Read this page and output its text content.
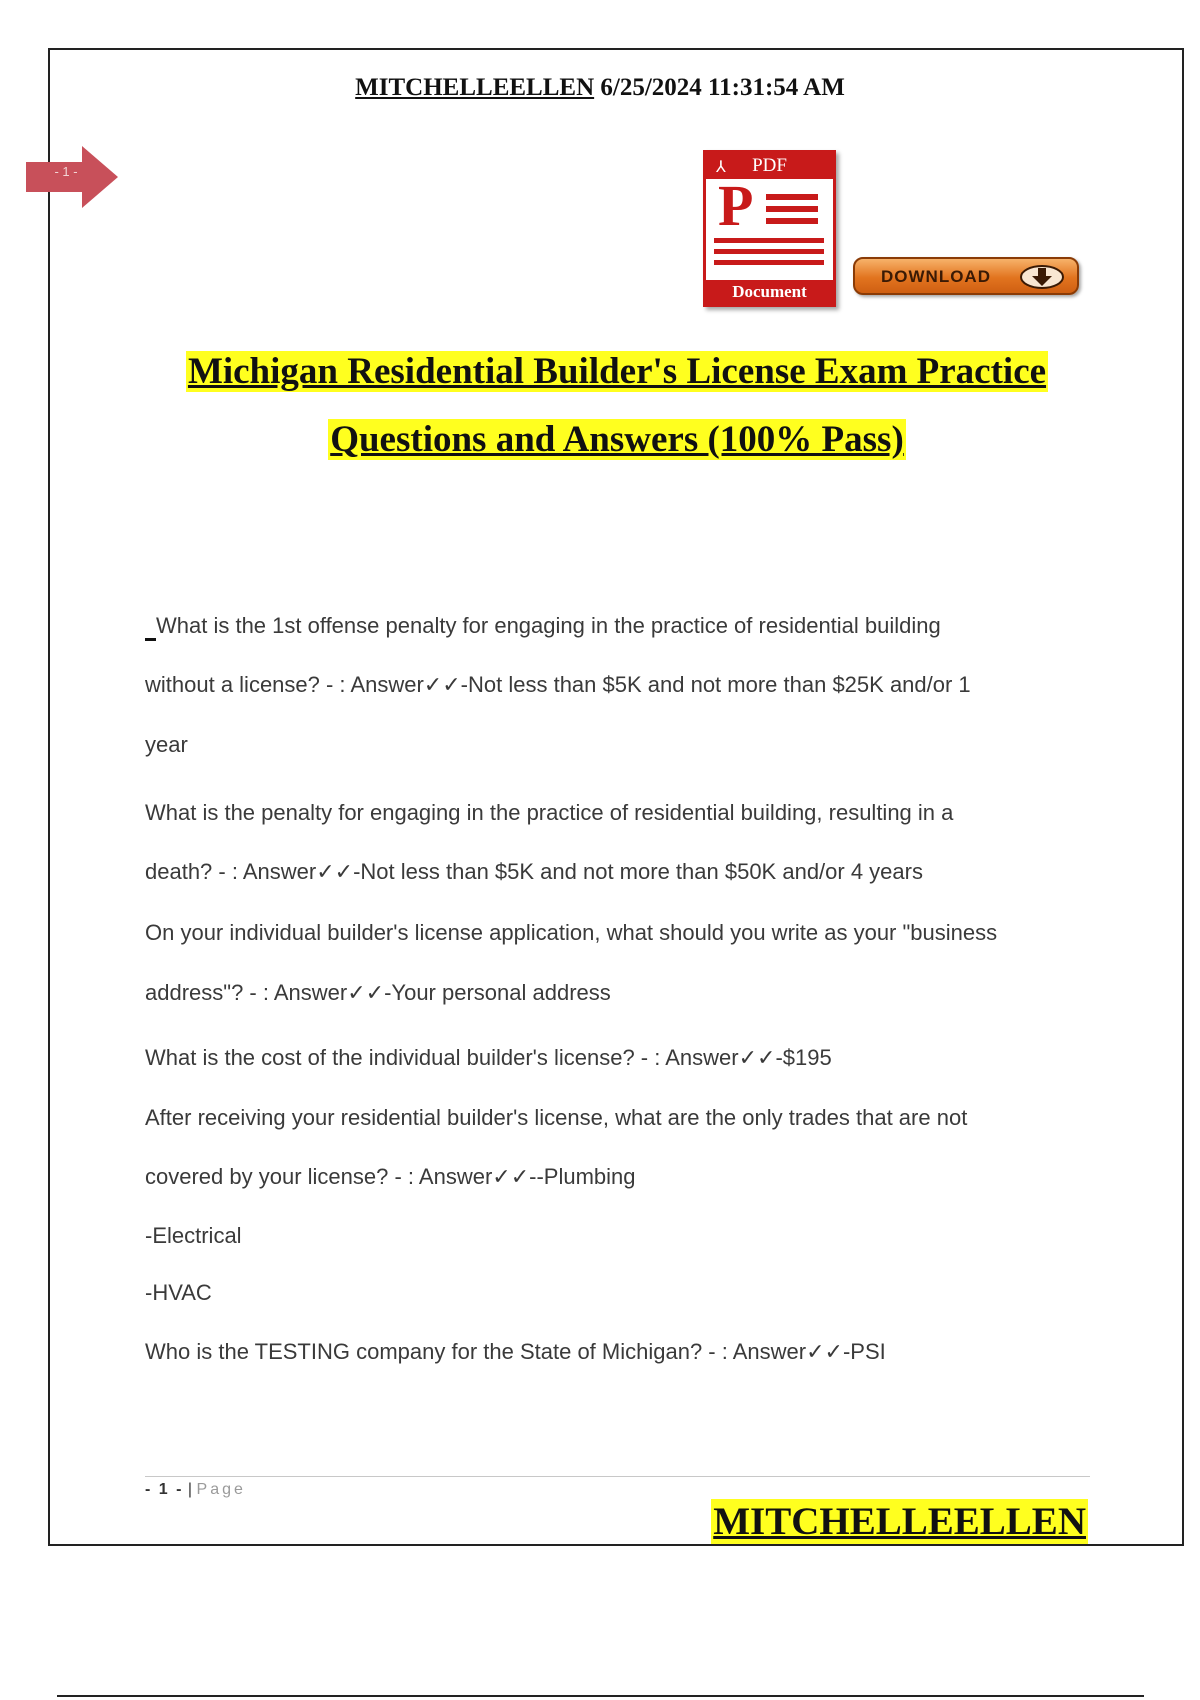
MITCHELLEELLEN 6/25/2024 11:31:54 AM
- 1 -	⅄ PDF
P
Document
DOWNLOAD
Michigan Residential Builder's License Exam Practice
Questions and Answers (100% Pass)
What is the 1st offense penalty for engaging in the practice of residential building
without a license? - : Answer✓✓-Not less than $5K and not more than $25K and/or 1
year
What is the penalty for engaging in the practice of residential building, resulting in a
death? - : Answer✓✓-Not less than $5K and not more than $50K and/or 4 years
On your individual builder's license application, what should you write as your "business
address"? - : Answer✓✓-Your personal address
What is the cost of the individual builder's license? - : Answer✓✓-$195
After receiving your residential builder's license, what are the only trades that are not
covered by your license? - : Answer✓✓--Plumbing
-Electrical
-HVAC
Who is the TESTING company for the State of Michigan? - : Answer✓✓-PSI
- 1 - | Page
MITCHELLEELLEN
